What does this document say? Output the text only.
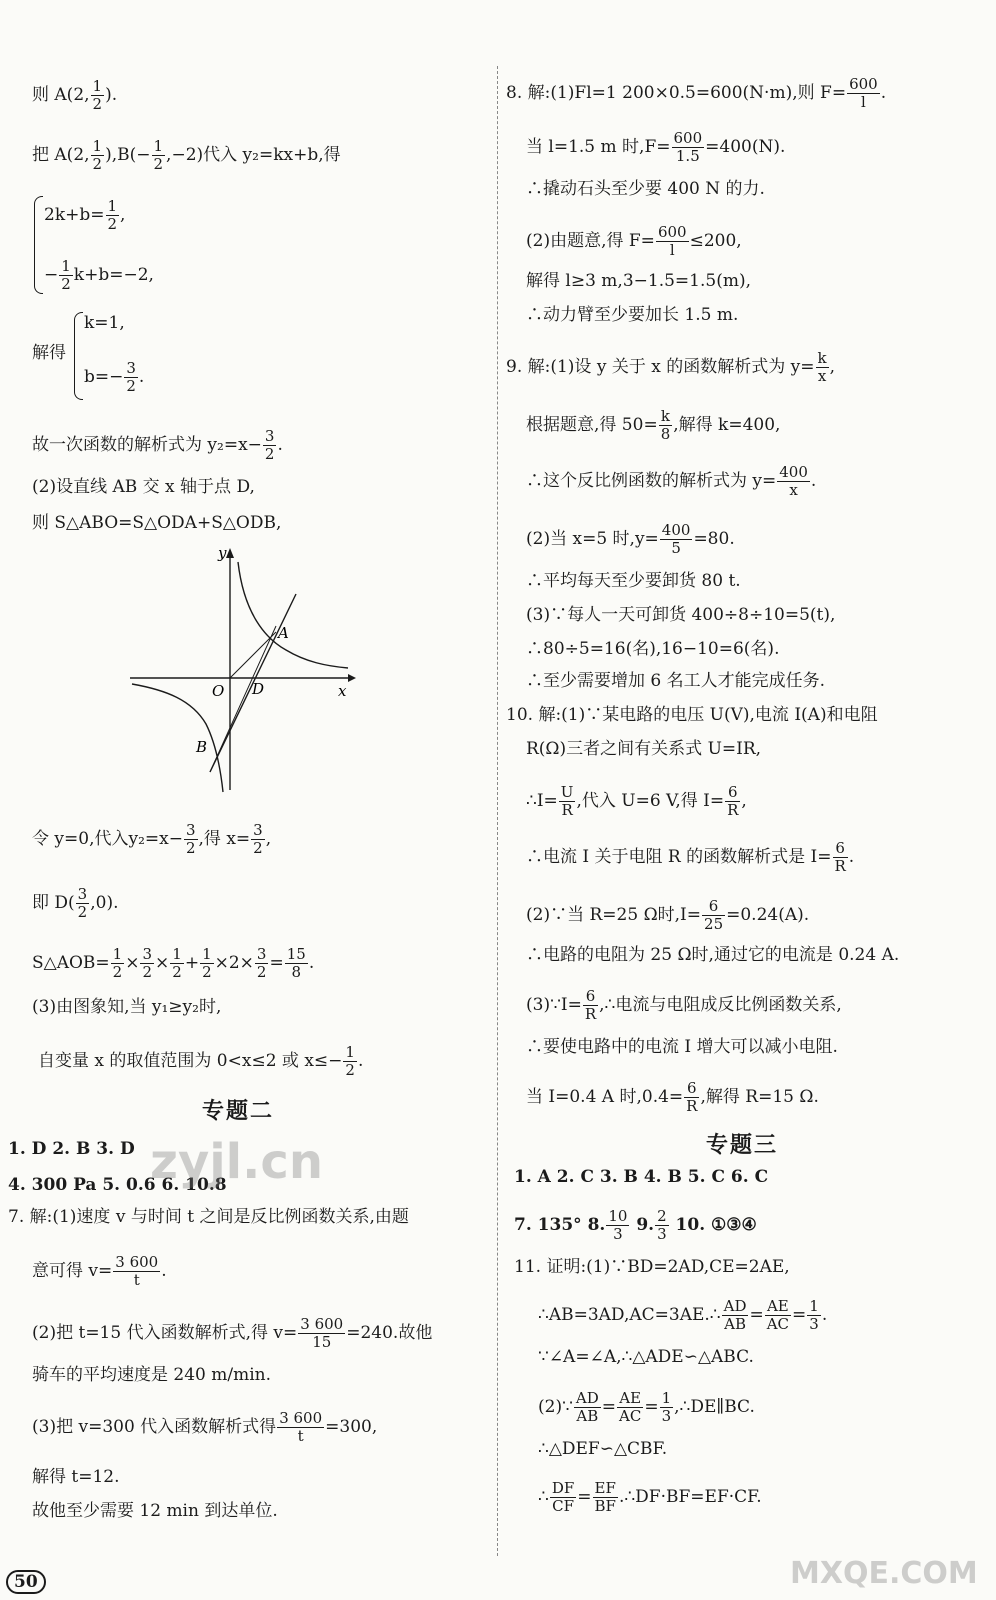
则 A(2, $\frac{1}{2}$ ).
把 A(2, $\frac{1}{2} ),B(- \frac{1}{2} ,-2)$代入 y₂=kx+b,得
$2k+b= \frac{1}{2}$ ,
− $\frac{1}{2} k+b=-2$,
解得
k=1,
$b=- \frac{3}{2}$ .
故一次函数的解析式为 $y_2=x- \frac{3}{2}$ .
(2)设直线 AB 交 x 轴于点 D,
则 S△ABO=S△ODA+S△ODB,
y
x
O D
A
B
令 y=0,代入$y_2=x- \frac{3}{2}$ ,得 $x= \frac{3}{2}$ ,
即 $D( \frac{3}{2} ,0)$.
S△AOB= $\frac{1}{2} \times \frac{3}{2} \times \frac{1}{2} + \frac{1}{2} \times 2\times \frac{3}{2} = \frac{15}{8}$ .
(3)由图象知,当 y₁≥y₂时,
自变量 x 的取值范围为 0<x≤2 或 $x\le- \frac{1}{2}$ .
专题二
1. D 2. B 3. D
4. 300 Pa 5. 0.6 6. 10.8
7. 解:(1)速度 v 与时间 t 之间是反比例函数关系,由题
意可得 $v= \frac{3 600}{t}$ .
(2)把 t=15 代入函数解析式,得 $v= \frac{3 600}{15} =240$.故他
骑车的平均速度是 240 m/min.
(3)把 v=300 代入函数解析式得 $\frac{3 600}{t} =300$,
解得 t=12.
故他至少需要 12 min 到达单位.
8. 解:(1)Fl=1 200×0.5=600(N·m),则 $F= \frac{600}{l}$ .
当 l=1.5 m 时$,F= \frac{600}{1.5} =400(N)$.
∴撬动石头至少要 400 N 的力.
(2)由题意,得 $F= \frac{600}{l} \le 200$,
解得 l≥3 m,3−1.5=1.5(m),
∴动力臂至少要加长 1.5 m.
9. 解:(1)设 y 关于 x 的函数解析式为 $y= \frac{k}{x}$ ,
根据题意,得 $50= \frac{k}{8}$ ,解得 k=400,
∴这个反比例函数的解析式为 $y= \frac{400}{x}$ .
(2)当 x=5 时$,y= \frac{400}{5} =80$.
∴平均每天至少要卸货 80 t.
(3)∵每人一天可卸货 400÷8÷10=5(t),
∴80÷5=16(名),16−10=6(名).
∴至少需要增加 6 名工人才能完成任务.
10. 解:(1)∵某电路的电压 U(V),电流 I(A)和电阻
R(Ω)三者之间有关系式 U=IR,
∴I= $\frac{U}{R}$ ,代入 U=6 V,得 $I= \frac{6}{R}$ ,
∴电流 I 关于电阻 R 的函数解析式是 $I= \frac{6}{R}$ .
(2)∵当 R=25 Ω时$,I= \frac{6}{25} =0.24(A)$.
∴电路的电阻为 25 Ω时,通过它的电流是 0.24 A.
(3)∵I= $\frac{6}{R}$ ,∴电流与电阻成反比例函数关系,
∴要使电路中的电流 I 增大可以减小电阻.
当 I=0.4 A 时$,0.4= \frac{6}{R}$ ,解得 R=15 Ω.
专题三
1. A 2. C 3. B 4. B 5. C 6. C
7. 135° 8. $\frac{10}{3} 9$. $\frac{2}{3} 10$. ①③④
11. 证明:(1)∵BD=2AD,CE=2AE,
∴AB=3AD,AC=3AE.∴ $\frac{AD}{AB} = \frac{AE}{AC} = \frac{1}{3}$ .
∵∠A=∠A,∴△ADE∽△ABC.
(2)∵ $\frac{AD}{AB} = \frac{AE}{AC} = \frac{1}{3}$ ,∴DE∥BC.
∴△DEF∽△CBF.
∴ $\frac{DF}{CF} = \frac{EF}{BF}$ .∴DF·BF=EF·CF.
50
zyjl.cn
MXQE.COM
